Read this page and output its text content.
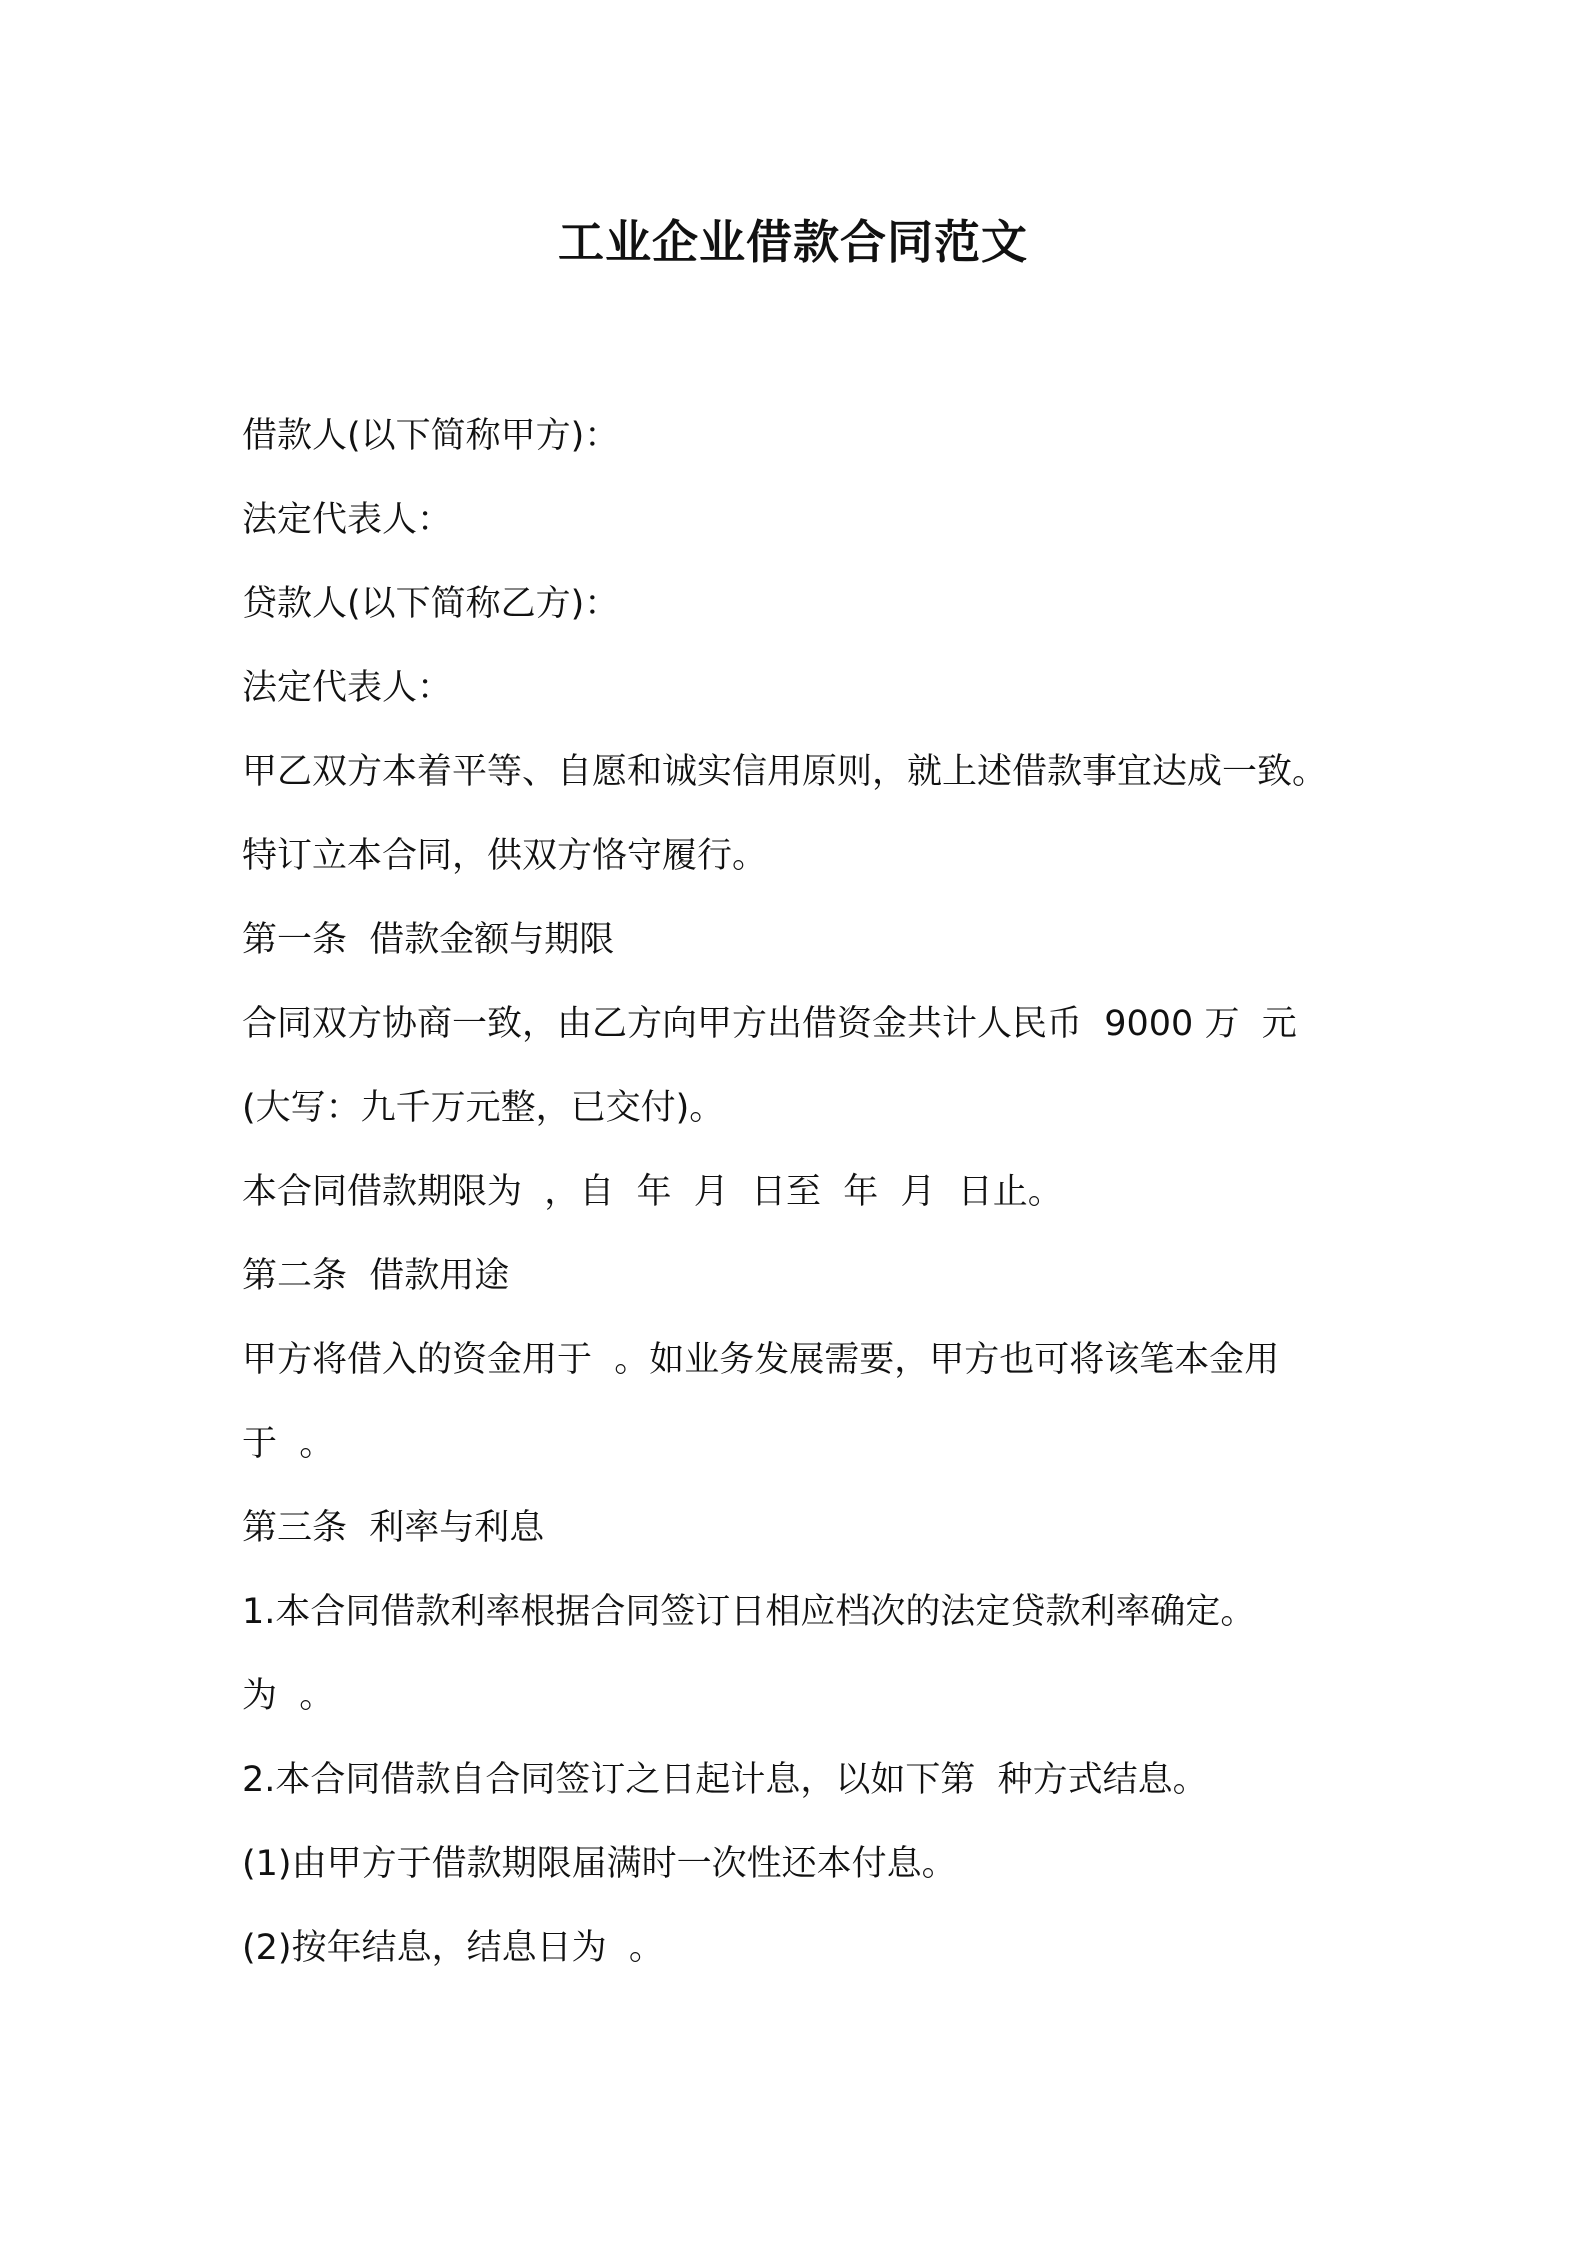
工业企业借款合同范文

借款人(以下简称甲方)：

法定代表人：

贷款人(以下简称乙方)：

法定代表人：

甲乙双方本着平等、自愿和诚实信用原则，就上述借款事宜达成一致。

特订立本合同，供双方恪守履行。

第一条  借款金额与期限

合同双方协商一致，由乙方向甲方出借资金共计人民币  9000 万  元

(大写：九千万元整，已交付)。

本合同借款期限为  ，自  年  月  日至  年  月  日止。

第二条  借款用途

甲方将借入的资金用于  。如业务发展需要，甲方也可将该笔本金用

于  。

第三条  利率与利息

1.本合同借款利率根据合同签订日相应档次的法定贷款利率确定。

为  。

2.本合同借款自合同签订之日起计息，以如下第  种方式结息。

(1)由甲方于借款期限届满时一次性还本付息。

(2)按年结息，结息日为  。
